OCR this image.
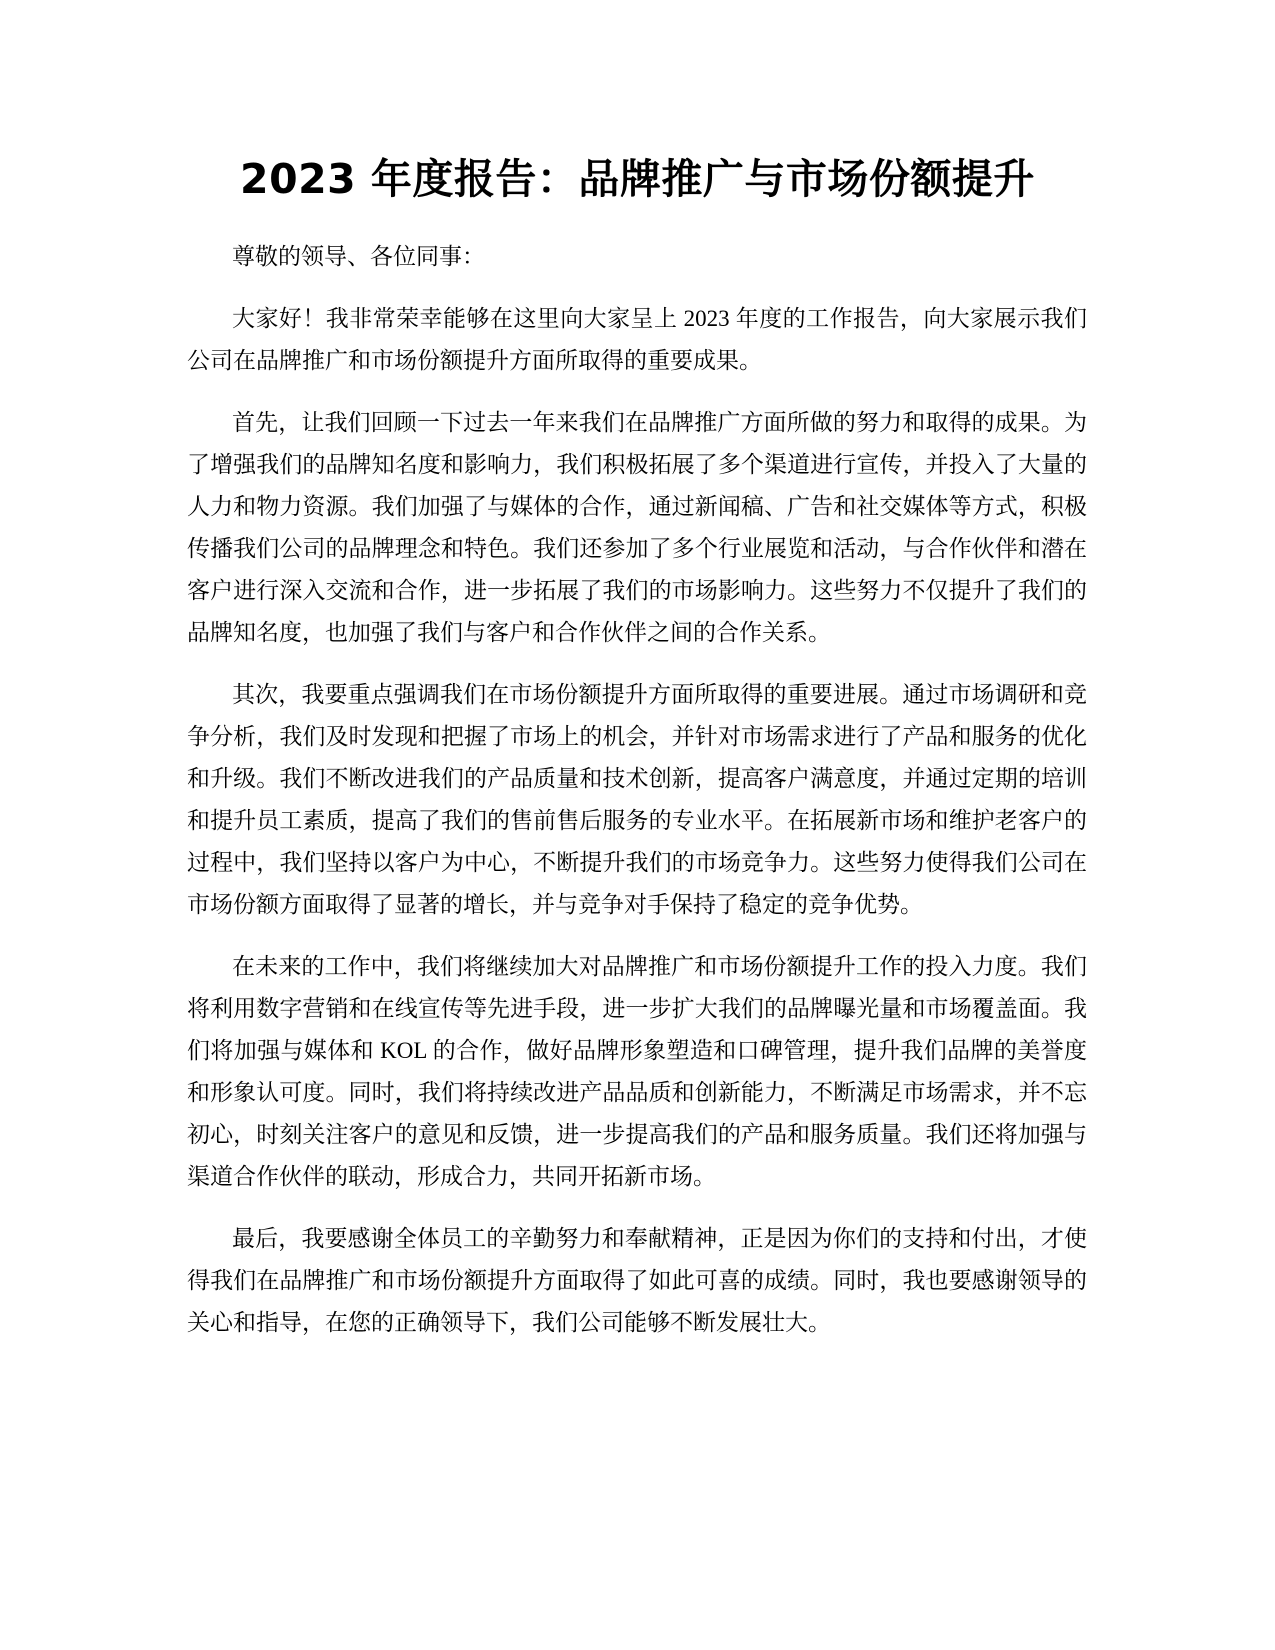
2023 年度报告：品牌推广与市场份额提升

尊敬的领导、各位同事：

大家好！我非常荣幸能够在这里向大家呈上 2023 年度的工作报告，向大家展示我们公司在品牌推广和市场份额提升方面所取得的重要成果。

首先，让我们回顾一下过去一年来我们在品牌推广方面所做的努力和取得的成果。为了增强我们的品牌知名度和影响力，我们积极拓展了多个渠道进行宣传，并投入了大量的人力和物力资源。我们加强了与媒体的合作，通过新闻稿、广告和社交媒体等方式，积极传播我们公司的品牌理念和特色。我们还参加了多个行业展览和活动，与合作伙伴和潜在客户进行深入交流和合作，进一步拓展了我们的市场影响力。这些努力不仅提升了我们的品牌知名度，也加强了我们与客户和合作伙伴之间的合作关系。

其次，我要重点强调我们在市场份额提升方面所取得的重要进展。通过市场调研和竞争分析，我们及时发现和把握了市场上的机会，并针对市场需求进行了产品和服务的优化和升级。我们不断改进我们的产品质量和技术创新，提高客户满意度，并通过定期的培训和提升员工素质，提高了我们的售前售后服务的专业水平。在拓展新市场和维护老客户的过程中，我们坚持以客户为中心，不断提升我们的市场竞争力。这些努力使得我们公司在市场份额方面取得了显著的增长，并与竞争对手保持了稳定的竞争优势。

在未来的工作中，我们将继续加大对品牌推广和市场份额提升工作的投入力度。我们将利用数字营销和在线宣传等先进手段，进一步扩大我们的品牌曝光量和市场覆盖面。我们将加强与媒体和 KOL 的合作，做好品牌形象塑造和口碑管理，提升我们品牌的美誉度和形象认可度。同时，我们将持续改进产品品质和创新能力，不断满足市场需求，并不忘初心，时刻关注客户的意见和反馈，进一步提高我们的产品和服务质量。我们还将加强与渠道合作伙伴的联动，形成合力，共同开拓新市场。

最后，我要感谢全体员工的辛勤努力和奉献精神，正是因为你们的支持和付出，才使得我们在品牌推广和市场份额提升方面取得了如此可喜的成绩。同时，我也要感谢领导的关心和指导，在您的正确领导下，我们公司能够不断发展壮大。
